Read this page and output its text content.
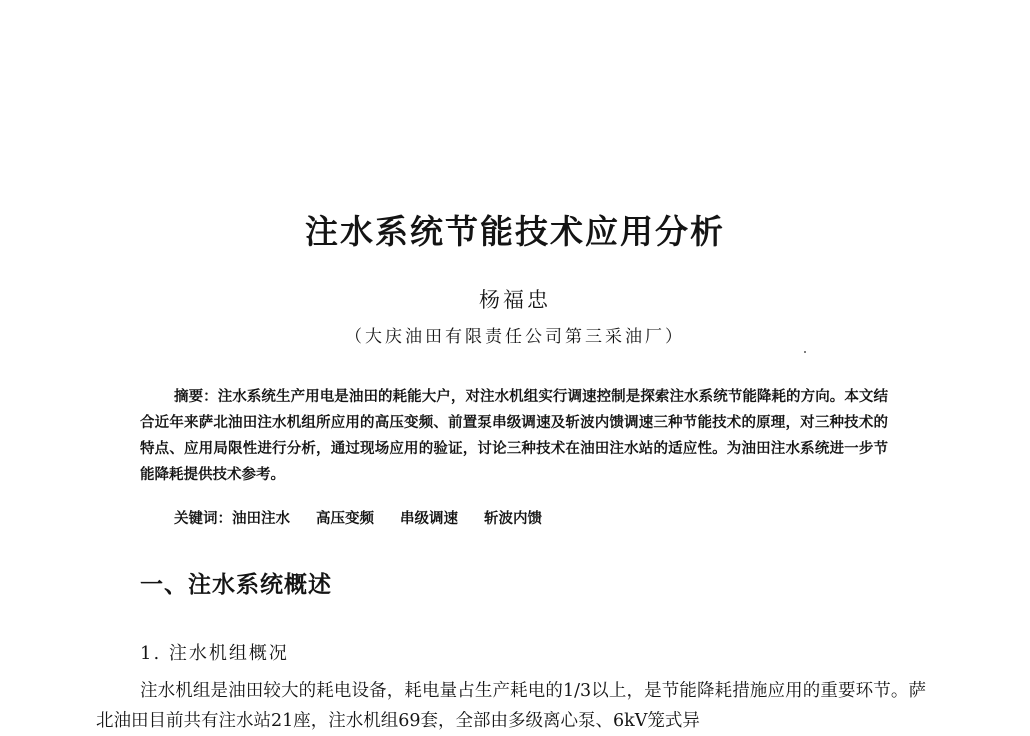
注水系统节能技术应用分析
杨福忠
（大庆油田有限责任公司第三采油厂）

摘要：注水系统生产用电是油田的耗能大户，对注水机组实行调速控制是探索注水系统节能降耗的方向。本文结合近年来萨北油田注水机组所应用的高压变频、前置泵串级调速及斩波内馈调速三种节能技术的原理，对三种技术的特点、应用局限性进行分析，通过现场应用的验证，讨论三种技术在油田注水站的适应性。为油田注水系统进一步节能降耗提供技术参考。

关键词：油田注水 高压变频 串级调速 斩波内馈
一、注水系统概述
1. 注水机组概况

注水机组是油田较大的耗电设备，耗电量占生产耗电的1/3以上，是节能降耗措施应用的重要环节。萨北油田目前共有注水站21座，注水机组69套，全部由多级离心泵、6kV笼式异
